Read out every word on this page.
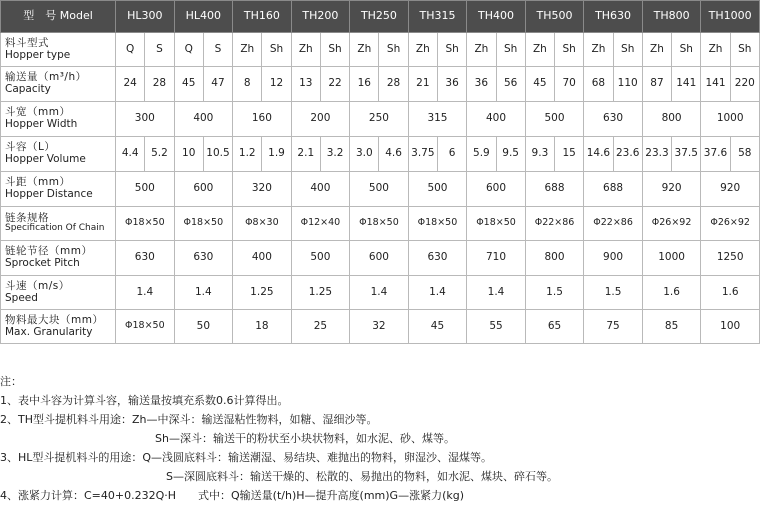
型　号 Model	HL300		HL400		TH160		TH200		TH250		TH315		TH400		TH500		TH630		TH800		TH1000	

料斗型式
Hopper type	Q	S	Q	S	Zh	Sh	Zh	Sh	Zh	Sh	Zh	Sh	Zh	Sh	Zh	Sh	Zh	Sh	Zh	Sh	Zh	Sh

输送量（m³/h）
Capacity	24	28	45	47	8	12	13	22	16	28	21	36	36	56	45	70	68	110	87	141	141	220

斗宽（mm）
Hopper Width	300		400		160		200		250		315		400		500		630		800		1000	

斗容（L）
Hopper Volume	4.4	5.2	10	10.5	1.2	1.9	2.1	3.2	3.0	4.6	3.75	6	5.9	9.5	9.3	15	14.6	23.6	23.3	37.5	37.6	58

斗距（mm）
Hopper Distance	500		600		320		400		500		500		600		688		688		920		920	

链条规格
Specification Of Chain	Φ18×50		Φ18×50		Φ8×30		Φ12×40		Φ18×50		Φ18×50		Φ18×50		Φ22×86		Φ22×86		Φ26×92		Φ26×92	

链轮节径（mm）
Sprocket Pitch	630		630		400		500		600		630		710		800		900		1000		1250	

斗速（m/s）
Speed	1.4		1.4		1.25		1.25		1.4		1.4		1.4		1.5		1.5		1.6		1.6	

物料最大块（mm）
Max. Granularity	Φ18×50		50		18		25		32		45		55		65		75		85		100	
注：
1、表中斗容为计算斗容，输送量按填充系数0.6计算得出。
2、TH型斗提机料斗用途：Zh—中深斗：输送湿粘性物料，如糖、湿细沙等。
Sh—深斗：输送干的粉状至小块状物料，如水泥、砂、煤等。
3、HL型斗提机料斗的用途：Q—浅圆底料斗：输送潮湿、易结块、难抛出的物料，卵湿沙、湿煤等。
S—深圆底料斗：输送干燥的、松散的、易抛出的物料，如水泥、煤块、碎石等。
4、涨紧力计算：C=40+0.232Q·H　　式中：Q输送量(t/h)H—提升高度(mm)G—涨紧力(kg)
